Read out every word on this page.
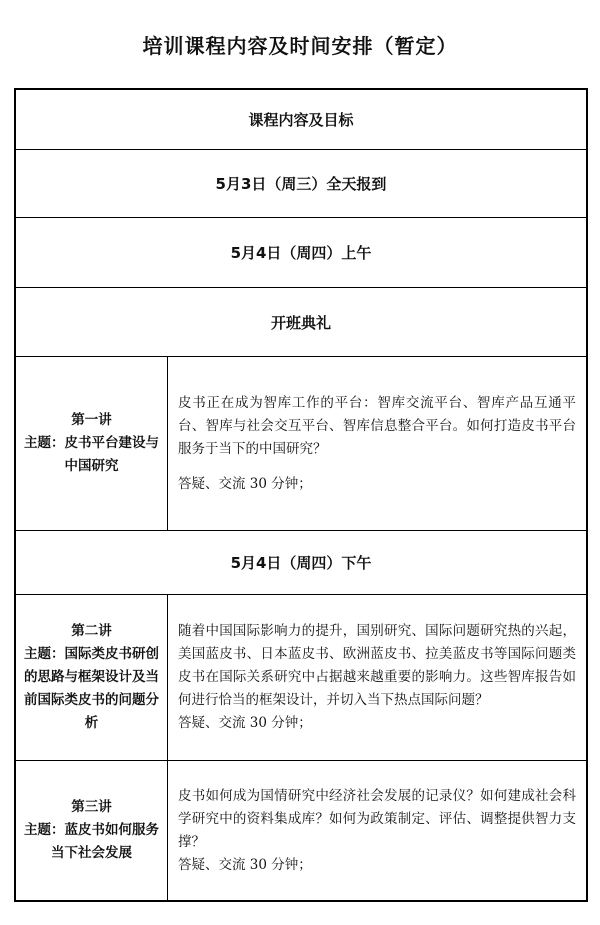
培训课程内容及时间安排（暂定）
课程内容及目标
5月3日（周三）全天报到
5月4日（周四）上午
开班典礼
第一讲
主题：皮书平台建设与中国研究

皮书正在成为智库工作的平台：智库交流平台、智库产品互通平台、智库与社会交互平台、智库信息整合平台。如何打造皮书平台服务于当下的中国研究？

答疑、交流 30 分钟；

5月4日（周四）下午
第二讲
主题：国际类皮书研创的思路与框架设计及当前国际类皮书的问题分析

随着中国国际影响力的提升，国别研究、国际问题研究热的兴起，美国蓝皮书、日本蓝皮书、欧洲蓝皮书、拉美蓝皮书等国际问题类皮书在国际关系研究中占据越来越重要的影响力。这些智库报告如何进行恰当的框架设计，并切入当下热点国际问题？

答疑、交流 30 分钟；

第三讲
主题：蓝皮书如何服务当下社会发展

皮书如何成为国情研究中经济社会发展的记录仪？如何建成社会科学研究中的资料集成库？如何为政策制定、评估、调整提供智力支撑？

答疑、交流 30 分钟；
